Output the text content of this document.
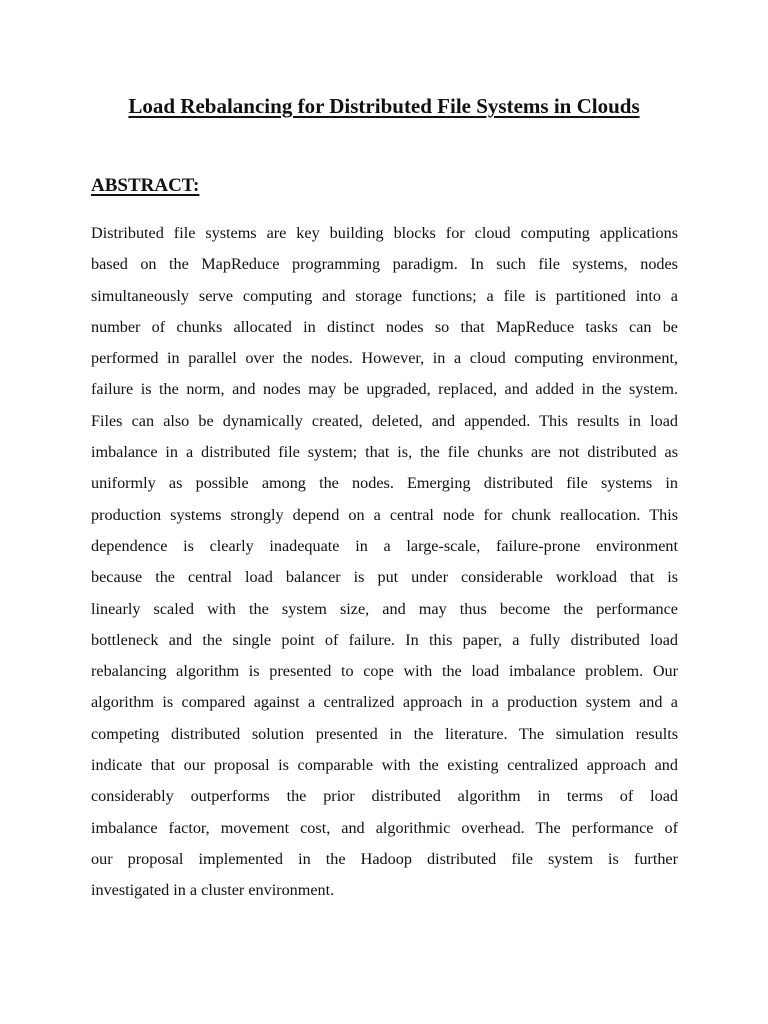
Load Rebalancing for Distributed File Systems in Clouds
ABSTRACT:
Distributed file systems are key building blocks for cloud computing applications
based on the MapReduce programming paradigm. In such file systems, nodes
simultaneously serve computing and storage functions; a file is partitioned into a
number of chunks allocated in distinct nodes so that MapReduce tasks can be
performed in parallel over the nodes. However, in a cloud computing environment,
failure is the norm, and nodes may be upgraded, replaced, and added in the system.
Files can also be dynamically created, deleted, and appended. This results in load
imbalance in a distributed file system; that is, the file chunks are not distributed as
uniformly as possible among the nodes. Emerging distributed file systems in
production systems strongly depend on a central node for chunk reallocation. This
dependence is clearly inadequate in a large-scale, failure-prone environment
because the central load balancer is put under considerable workload that is
linearly scaled with the system size, and may thus become the performance
bottleneck and the single point of failure. In this paper, a fully distributed load
rebalancing algorithm is presented to cope with the load imbalance problem. Our
algorithm is compared against a centralized approach in a production system and a
competing distributed solution presented in the literature. The simulation results
indicate that our proposal is comparable with the existing centralized approach and
considerably outperforms the prior distributed algorithm in terms of load
imbalance factor, movement cost, and algorithmic overhead. The performance of
our proposal implemented in the Hadoop distributed file system is further
investigated in a cluster environment.
